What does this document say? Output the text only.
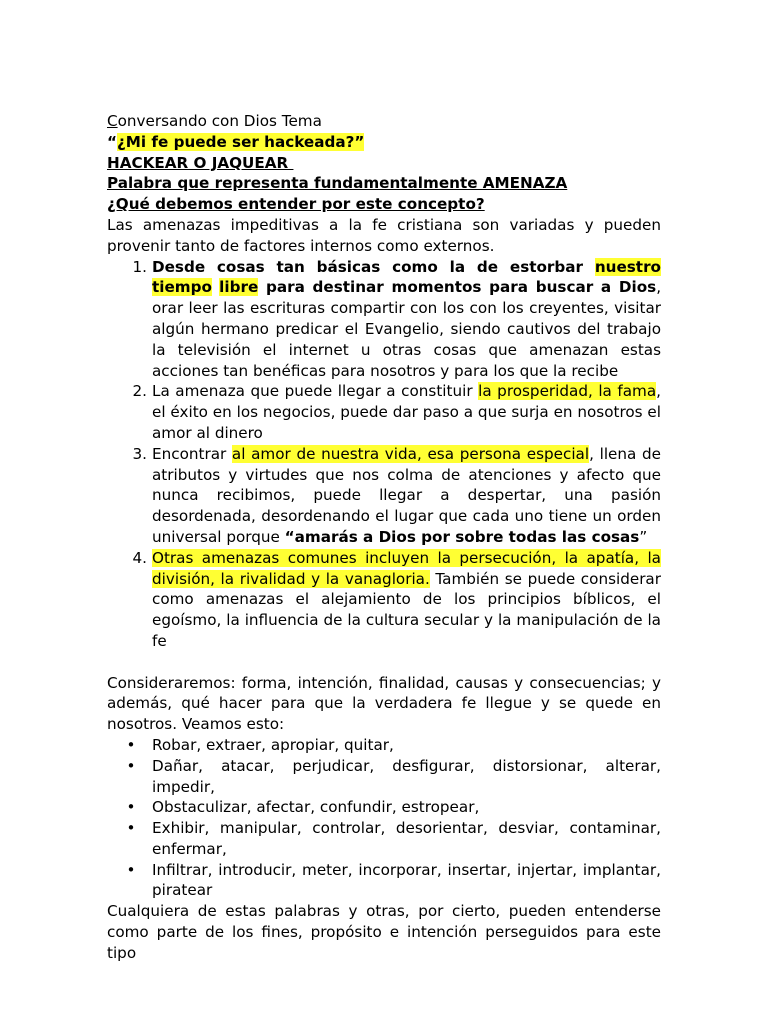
Conversando con Dios Tema
“¿Mi fe puede ser hackeada?”
HACKEAR O JAQUEAR
Palabra que representa fundamentalmente AMENAZA
¿Qué debemos entender por este concepto?
Las amenazas impeditivas a la fe cristiana son variadas y pueden provenir tanto de factores internos como externos.
1. Desde cosas tan básicas como la de estorbar nuestro tiempo libre para destinar momentos para buscar a Dios, orar leer las escrituras compartir con los con los creyentes, visitar algún hermano predicar el Evangelio, siendo cautivos del trabajo la televisión el internet u otras cosas que amenazan estas acciones tan benéficas para nosotros y para los que la recibe
2. La amenaza que puede llegar a constituir la prosperidad, la fama, el éxito en los negocios, puede dar paso a que surja en nosotros el amor al dinero
3. Encontrar al amor de nuestra vida, esa persona especial, llena de atributos y virtudes que nos colma de atenciones y afecto que nunca recibimos, puede llegar a despertar, una pasión desordenada, desordenando el lugar que cada uno tiene un orden universal porque “amarás a Dios por sobre todas las cosas”
4. Otras amenazas comunes incluyen la persecución, la apatía, la división, la rivalidad y la vanagloria. También se puede considerar como amenazas el alejamiento de los principios bíblicos, el egoísmo, la influencia de la cultura secular y la manipulación de la fe
Consideraremos: forma, intención, finalidad, causas y consecuencias; y además, qué hacer para que la verdadera fe llegue y se quede en nosotros. Veamos esto:
• Robar, extraer, apropiar, quitar,
• Dañar, atacar, perjudicar, desfigurar, distorsionar, alterar, impedir,
• Obstaculizar, afectar, confundir, estropear,
• Exhibir, manipular, controlar, desorientar, desviar, contaminar, enfermar,
• Infiltrar, introducir, meter, incorporar, insertar, injertar, implantar, piratear
Cualquiera de estas palabras y otras, por cierto, pueden entenderse como parte de los fines, propósito e intención perseguidos para este tipo
